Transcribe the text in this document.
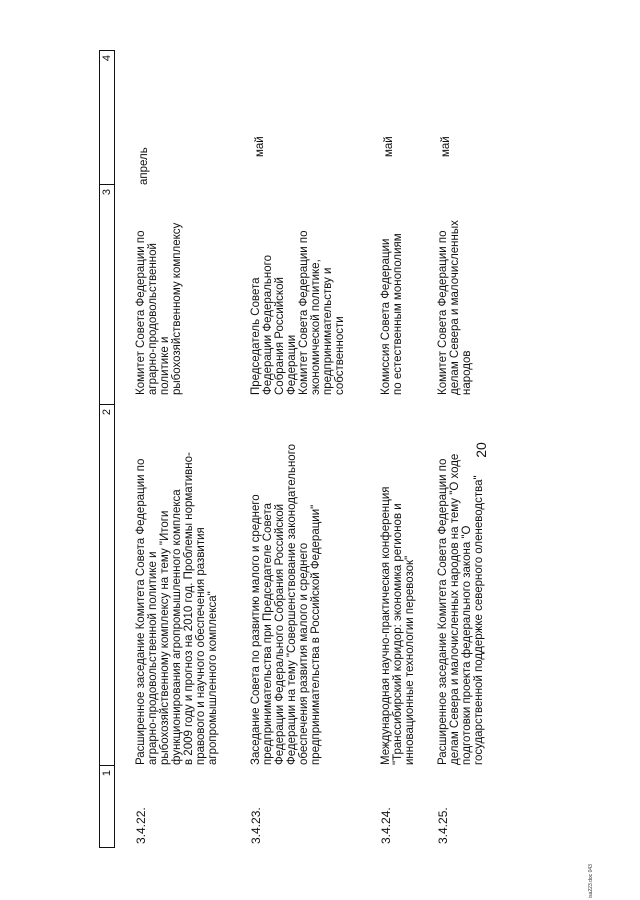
20
isa223.doc 043
1
2
3
4
3.4.22.
Расширенное заседание Комитета Совета Федерации по аграрно-продовольственной политике и рыбохозяйственному комплексу на тему "Итоги функционирования агропромышленного комплекса в 2009 году и прогноз на 2010 год. Проблемы нормативно- правового и научного обеспечения развития агропромышленного комплекса"
Комитет Совета Федерации по аграрно-продовольственной политике и рыбохозяйственному комплексу
апрель
3.4.23.
Заседание Совета по развитию малого и среднего предпринимательства при Председателе Совета Федерации Федерального Собрания Российской Федерации на тему "Совершенствование законодательного обеспечения развития малого и среднего предпринимательства в Российской Федерации"
Председатель Совета Федерации Федерального Собрания Российской Федерации Комитет Совета Федерации по экономической политике, предпринимательству и собственности
май
3.4.24.
Международная научно-практическая конференция "Транссибирский коридор: экономика регионов и инновационные технологии перевозок"
Комиссия Совета Федерации по естественным монополиям
май
3.4.25.
Расширенное заседание Комитета Совета Федерации по делам Севера и малочисленных народов на тему "О ходе подготовки проекта федерального закона "О государственной поддержке северного оленеводства"
Комитет Совета Федерации по делам Севера и малочисленных народов
май
